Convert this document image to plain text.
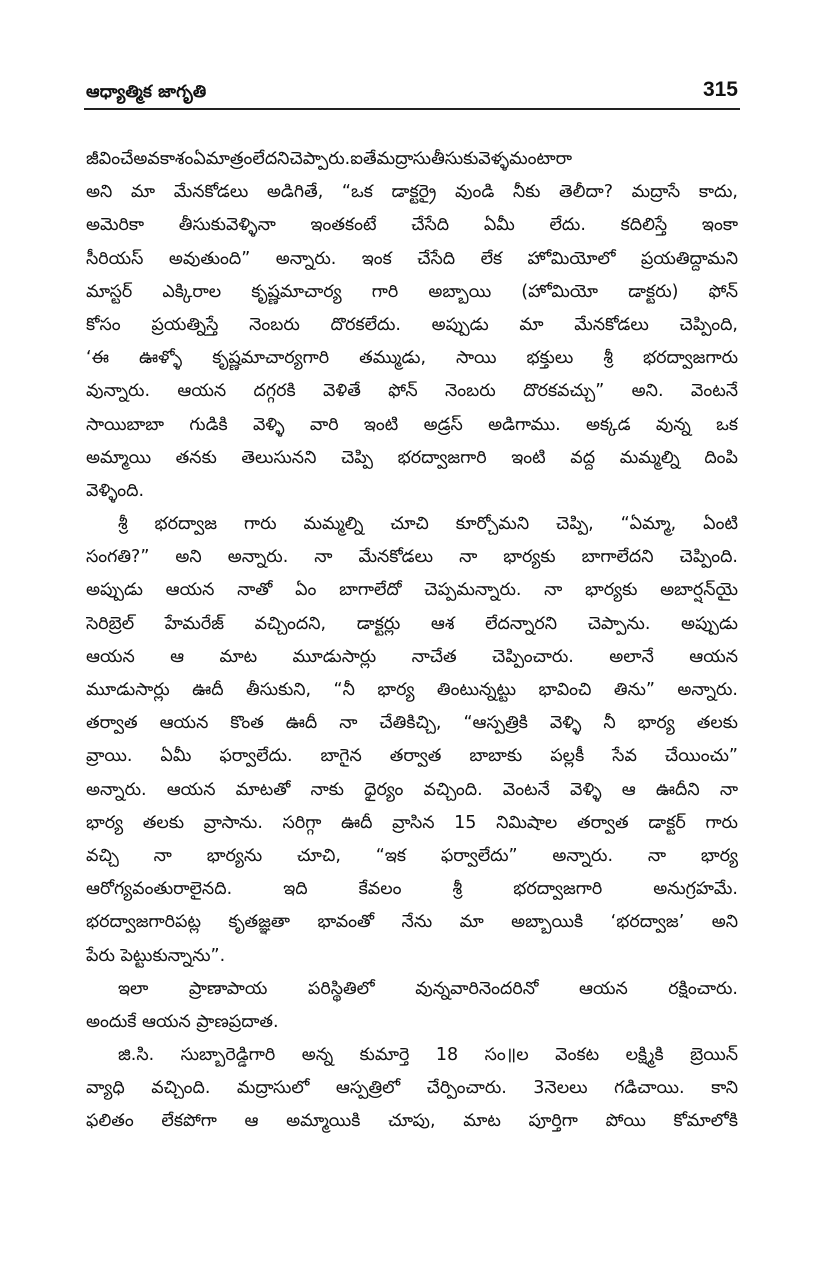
ఆధ్యాత్మిక జాగృతి	315
జీవించేఅవకాశంఏమాత్రంలేదనిచెప్పారు.ఐతేమద్రాసుతీసుకువెళ్ళమంటారా
అని మా మేనకోడలు అడిగితే, “ఒక డాక్టర్రై వుండి నీకు తెలీదా? మద్రాసే కాదు,
అమెరికా తీసుకువెళ్ళినా ఇంతకంటే చేసేది ఏమీ లేదు. కదిలిస్తే ఇంకా
సీరియస్ అవుతుంది” అన్నారు. ఇంక చేసేది లేక హోమియోలో ప్రయతిద్దామని
మాస్టర్ ఎక్కిరాల కృష్ణమాచార్య గారి అబ్బాయి (హోమియో డాక్టరు) ఫోన్
కోసం ప్రయత్నిస్తే నెంబరు దొరకలేదు. అప్పుడు మా మేనకోడలు చెప్పింది,
‘ఈ ఊళ్ళో కృష్ణమాచార్యగారి తమ్ముడు, సాయి భక్తులు శ్రీ భరద్వాజగారు
వున్నారు. ఆయన దగ్గరకి వెళితే ఫోన్ నెంబరు దొరకవచ్చు” అని. వెంటనే
సాయిబాబా గుడికి వెళ్ళి వారి ఇంటి అడ్రస్ అడిగాము. అక్కడ వున్న ఒక
అమ్మాయి తనకు తెలుసునని చెప్పి భరద్వాజగారి ఇంటి వద్ద మమ్మల్ని దింపి
వెళ్ళింది.
శ్రీ భరద్వాజ గారు మమ్మల్ని చూచి కూర్చోమని చెప్పి, “ఏమ్మా, ఏంటి
సంగతి?” అని అన్నారు. నా మేనకోడలు నా భార్యకు బాగాలేదని చెప్పింది.
అప్పుడు ఆయన నాతో ఏం బాగాలేదో చెప్పమన్నారు. నా భార్యకు అబార్షన్‌యై
సెరిబ్రెల్ హేమరేజ్ వచ్చిందని, డాక్టర్లు ఆశ లేదన్నారని చెప్పాను. అప్పుడు
ఆయన ఆ మాట మూడుసార్లు నాచేత చెప్పించారు. అలానే ఆయన
మూడుసార్లు ఊదీ తీసుకుని, “నీ భార్య తింటున్నట్టు భావించి తిను” అన్నారు.
తర్వాత ఆయన కొంత ఊదీ నా చేతికిచ్చి, “ఆస్పత్రికి వెళ్ళి నీ భార్య తలకు
వ్రాయి. ఏమీ ఫర్వాలేదు. బాగైన తర్వాత బాబాకు పల్లకీ సేవ చేయించు”
అన్నారు. ఆయన మాటతో నాకు ధైర్యం వచ్చింది. వెంటనే వెళ్ళి ఆ ఊదీని నా
భార్య తలకు వ్రాసాను. సరిగ్గా ఊదీ వ్రాసిన 15 నిమిషాల తర్వాత డాక్టర్ గారు
వచ్చి నా భార్యను చూచి, “ఇక ఫర్వాలేదు” అన్నారు. నా భార్య
ఆరోగ్యవంతురాలైనది. ఇది కేవలం శ్రీ భరద్వాజగారి అనుగ్రహమే.
భరద్వాజగారిపట్ల కృతజ్ఞతా భావంతో నేను మా అబ్బాయికి ‘భరద్వాజ’ అని
పేరు పెట్టుకున్నాను”.
ఇలా ప్రాణాపాయ పరిస్థితిలో వున్నవారినెందరినో ఆయన రక్షించారు.
అందుకే ఆయన ప్రాణప్రదాత.
జి.సి. సుబ్బారెడ్డిగారి అన్న కుమార్తె 18 సం॥ల వెంకట లక్ష్మికి బ్రెయిన్
వ్యాధి వచ్చింది. మద్రాసులో ఆస్పత్రిలో చేర్పించారు. 3నెలలు గడిచాయి. కాని
ఫలితం లేకపోగా ఆ అమ్మాయికి చూపు, మాట పూర్తిగా పోయి కోమాలోకి
